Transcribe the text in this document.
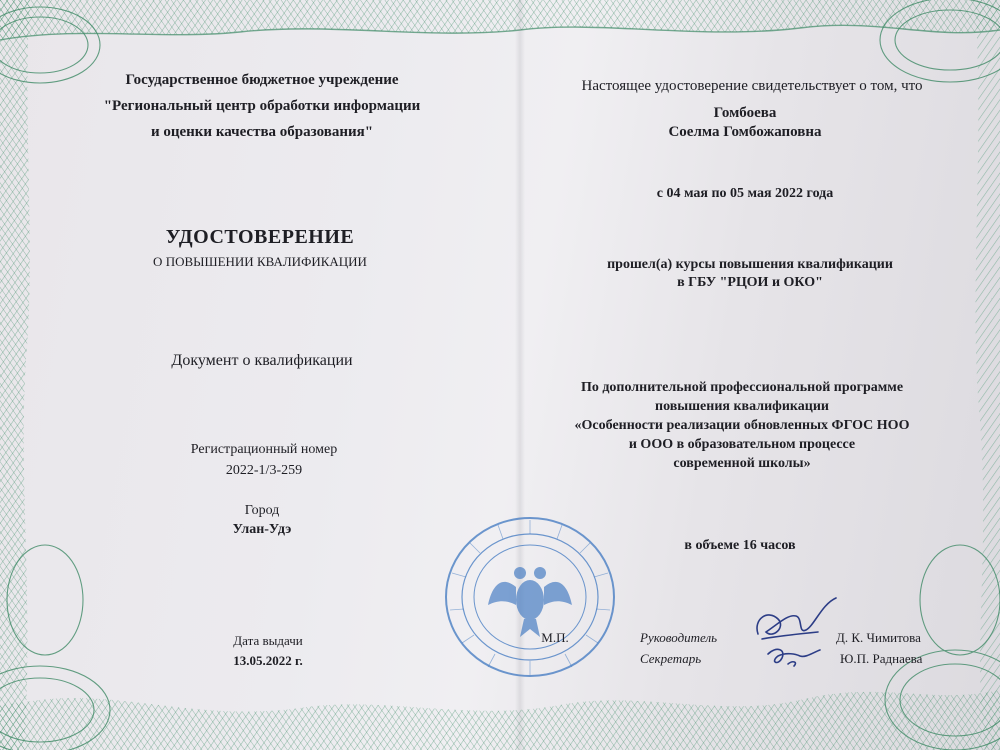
Государственное бюджетное учреждение
"Региональный центр обработки информации
и оценки качества образования"
УДОСТОВЕРЕНИЕ
О ПОВЫШЕНИИ КВАЛИФИКАЦИИ
Документ о квалификации
Регистрационный номер
2022-1/3-259
Город
Улан-Удэ
Дата выдачи
13.05.2022 г.
Настоящее удостоверение свидетельствует о том, что
Гомбоева
Соелма Гомбожаповна
с 04 мая по 05 мая 2022 года
прошел(а) курсы повышения квалификации
в ГБУ "РЦОИ и ОКО"
По дополнительной профессиональной программе
повышения квалификации
«Особенности реализации обновленных ФГОС НОО
и ООО в образовательном процессе
современной школы»
в объеме 16 часов
М.П.	Руководитель
Секретарь
Д. К. Чимитова
Ю.П. Раднаева
